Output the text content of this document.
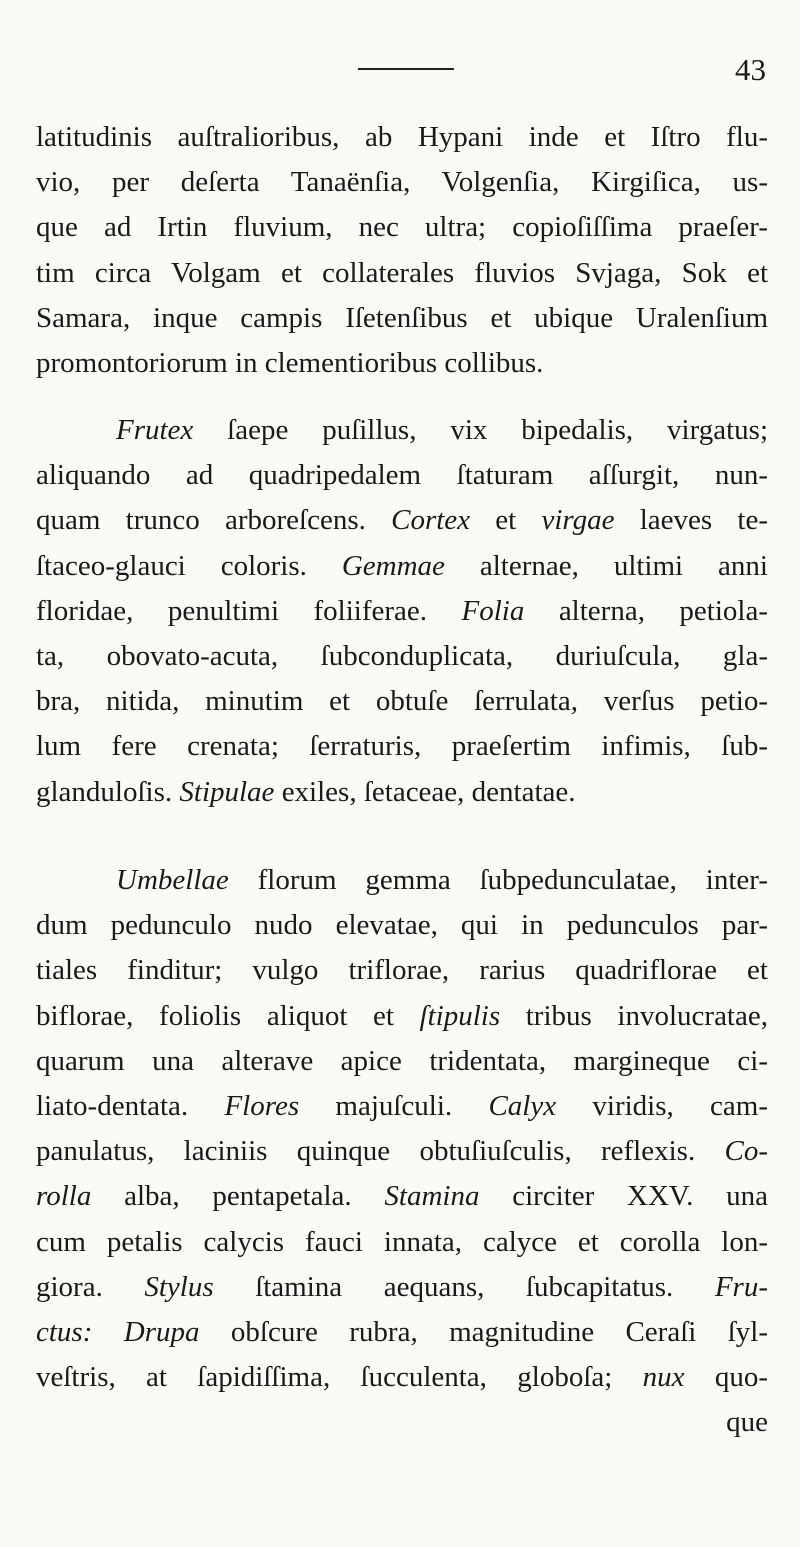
43
latitudinis auſtralioribus, ab Hypani inde et Iſtro flu-
vio, per deſerta Tanaënſia, Volgenſia, Kirgiſica, us-
que ad Irtin fluvium, nec ultra; copioſiſſima praeſer-
tim circa Volgam et collaterales fluvios Svjaga, Sok et
Samara, inque campis Iſetenſibus et ubique Uralenſium
promontoriorum in clementioribus collibus.
Frutex ſaepe puſillus, vix bipedalis, virgatus;
aliquando ad quadripedalem ſtaturam aſſurgit, nun-
quam trunco arboreſcens. Cortex et virgae laeves te-
ſtaceo-glauci coloris. Gemmae alternae, ultimi anni
floridae, penultimi foliiferae. Folia alterna, petiola-
ta, obovato-acuta, ſubconduplicata, duriuſcula, gla-
bra, nitida, minutim et obtuſe ſerrulata, verſus petio-
lum fere crenata; ſerraturis, praeſertim infimis, ſub-
glanduloſis. Stipulae exiles, ſetaceae, dentatae.
Umbellae florum gemma ſubpedunculatae, inter-
dum pedunculo nudo elevatae, qui in pedunculos par-
tiales finditur; vulgo triflorae, rarius quadriflorae et
biflorae, foliolis aliquot et ſtipulis tribus involucratae,
quarum una alterave apice tridentata, margineque ci-
liato-dentata. Flores majuſculi. Calyx viridis, cam-
panulatus, laciniis quinque obtuſiuſculis, reflexis. Co-
rolla alba, pentapetala. Stamina circiter XXV. una
cum petalis calycis fauci innata, calyce et corolla lon-
giora. Stylus ſtamina aequans, ſubcapitatus. Fru-
ctus: Drupa obſcure rubra, magnitudine Ceraſi ſyl-
veſtris, at ſapidiſſima, ſucculenta, globoſa; nux quo-
que
